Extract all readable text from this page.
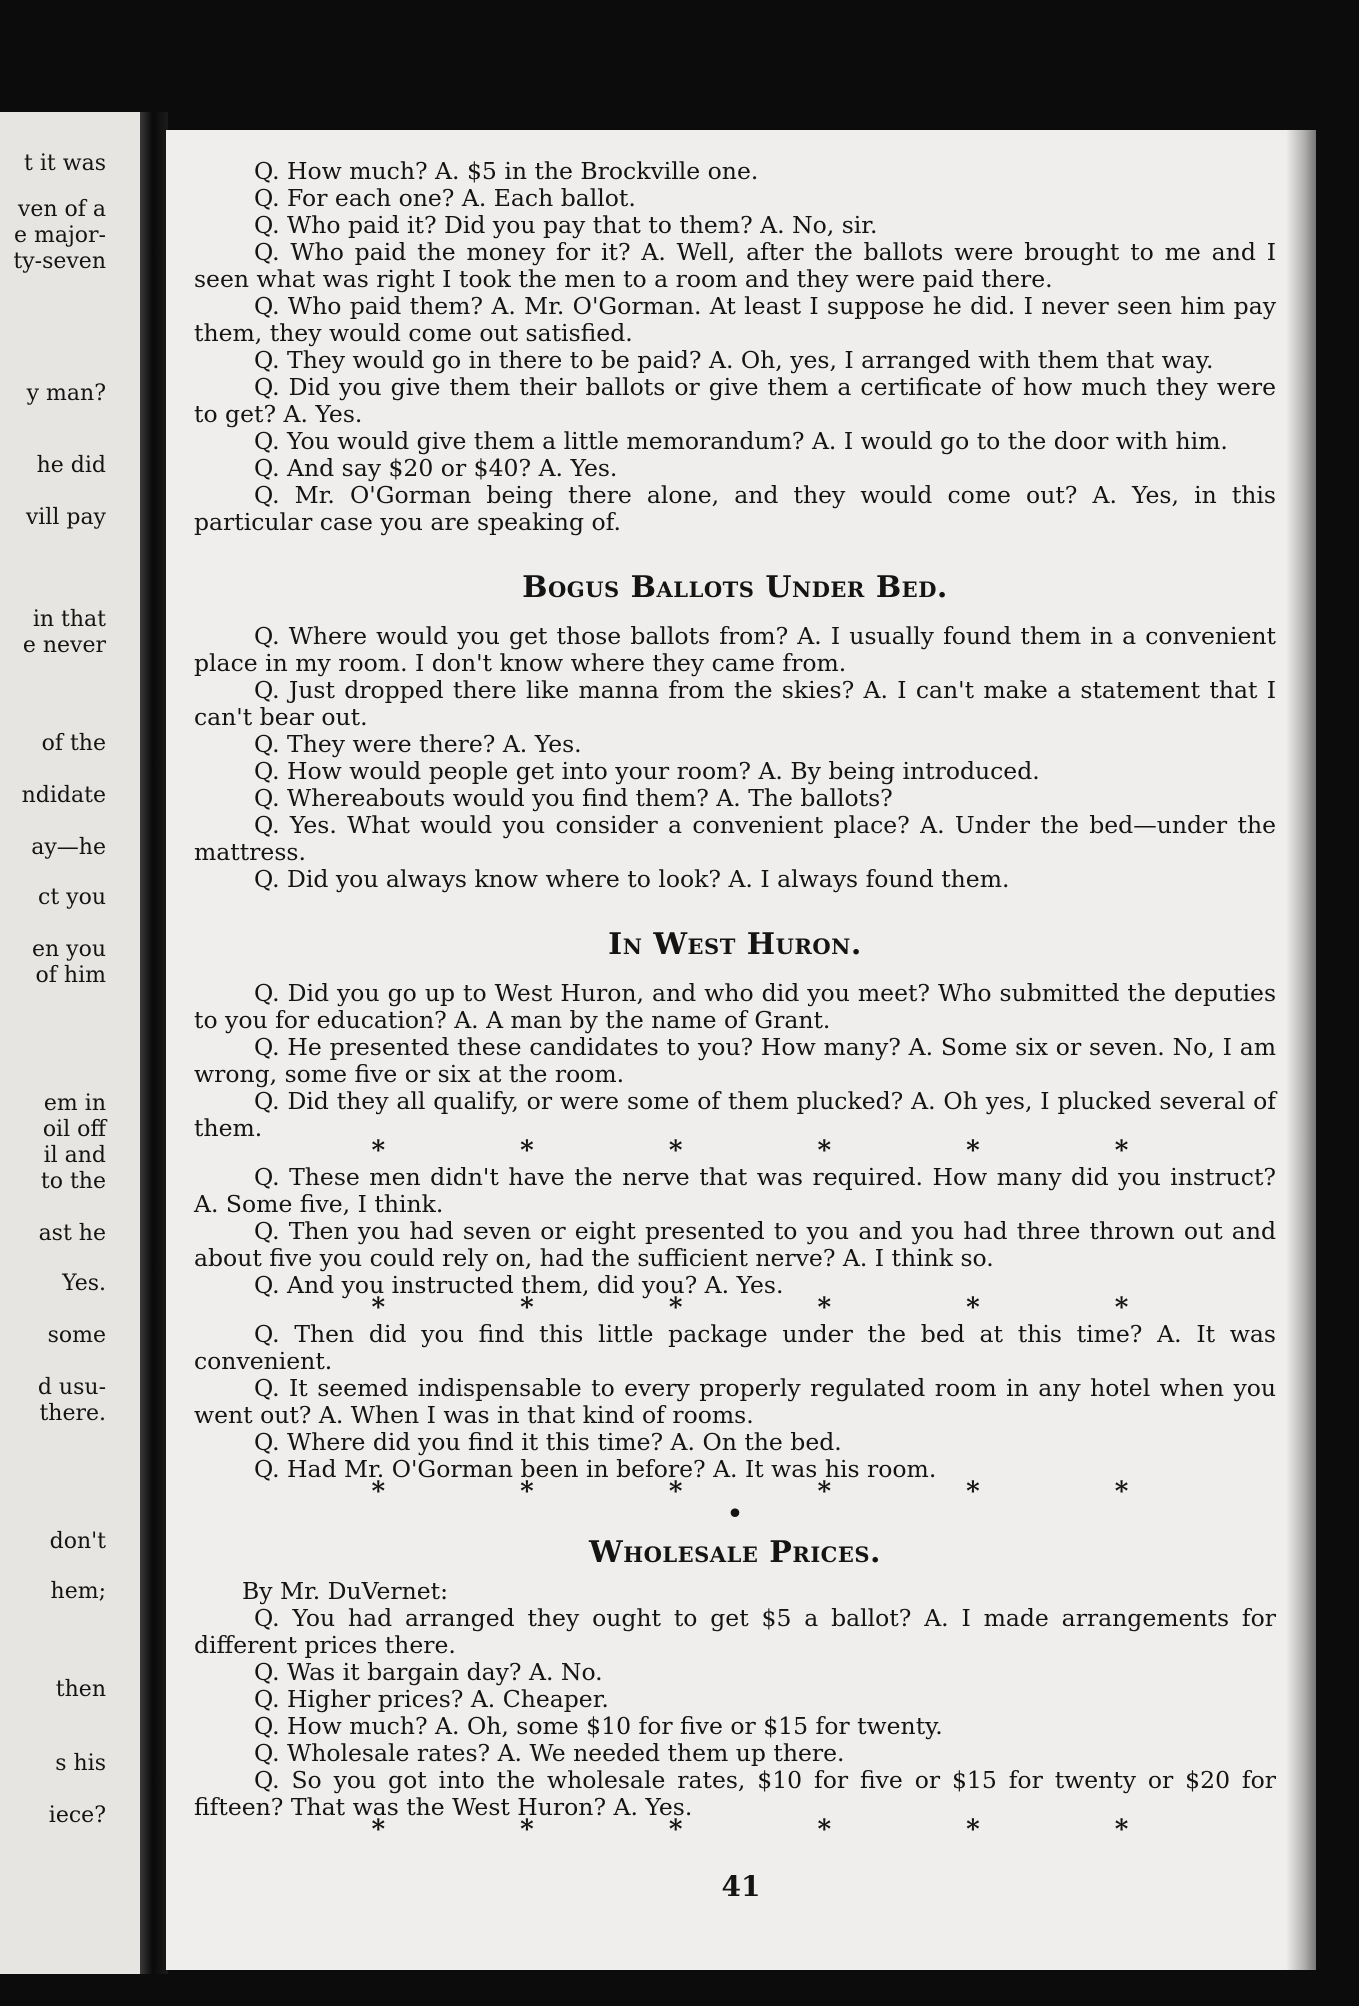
t it was
ven of a
e major-
ty-seven
y man?
he did
vill pay
in that
e never
of the
ndidate
ay—he
ct you
en you
of him
em in
oil off
il and
to the
ast he
Yes.
some
d usu-
there.
don't
hem;
then
s his
iece?

Q. How much? A. $5 in the Brockville one.

Q. For each one? A. Each ballot.

Q. Who paid it? Did you pay that to them? A. No, sir.

Q. Who paid the money for it? A. Well, after the ballots were brought to me and I seen what was right I took the men to a room and they were paid there.

Q. Who paid them? A. Mr. O'Gorman. At least I suppose he did. I never seen him pay them, they would come out satisfied.

Q. They would go in there to be paid? A. Oh, yes, I arranged with them that way.

Q. Did you give them their ballots or give them a certificate of how much they were to get? A. Yes.

Q. You would give them a little memorandum? A. I would go to the door with him.

Q. And say $20 or $40? A. Yes.

Q. Mr. O'Gorman being there alone, and they would come out? A. Yes, in this particular case you are speaking of.

Bogus Ballots Under Bed.

Q. Where would you get those ballots from? A. I usually found them in a convenient place in my room. I don't know where they came from.

Q. Just dropped there like manna from the skies? A. I can't make a statement that I can't bear out.

Q. They were there? A. Yes.

Q. How would people get into your room? A. By being introduced.

Q. Whereabouts would you find them? A. The ballots?

Q. Yes. What would you consider a convenient place? A. Under the bed—under the mattress.

Q. Did you always know where to look? A. I always found them.

In West Huron.

Q. Did you go up to West Huron, and who did you meet? Who submitted the deputies to you for education? A. A man by the name of Grant.

Q. He presented these candidates to you? How many? A. Some six or seven. No, I am wrong, some five or six at the room.

Q. Did they all qualify, or were some of them plucked? A. Oh yes, I plucked several of them.

*	*	*	*	*	*

Q. These men didn't have the nerve that was required. How many did you instruct? A. Some five, I think.

Q. Then you had seven or eight presented to you and you had three thrown out and about five you could rely on, had the sufficient nerve? A. I think so.

Q. And you instructed them, did you? A. Yes.

*	*	*	*	*	*

Q. Then did you find this little package under the bed at this time? A. It was convenient.

Q. It seemed indispensable to every properly regulated room in any hotel when you went out? A. When I was in that kind of rooms.

Q. Where did you find it this time? A. On the bed.

Q. Had Mr. O'Gorman been in before? A. It was his room.

*	*	*	*	*	*
•
Wholesale Prices.

By Mr. DuVernet:

Q. You had arranged they ought to get $5 a ballot? A. I made arrangements for different prices there.

Q. Was it bargain day? A. No.

Q. Higher prices? A. Cheaper.

Q. How much? A. Oh, some $10 for five or $15 for twenty.

Q. Wholesale rates? A. We needed them up there.

Q. So you got into the wholesale rates, $10 for five or $15 for twenty or $20 for fifteen? That was the West Huron? A. Yes.

*	*	*	*	*	*
41
